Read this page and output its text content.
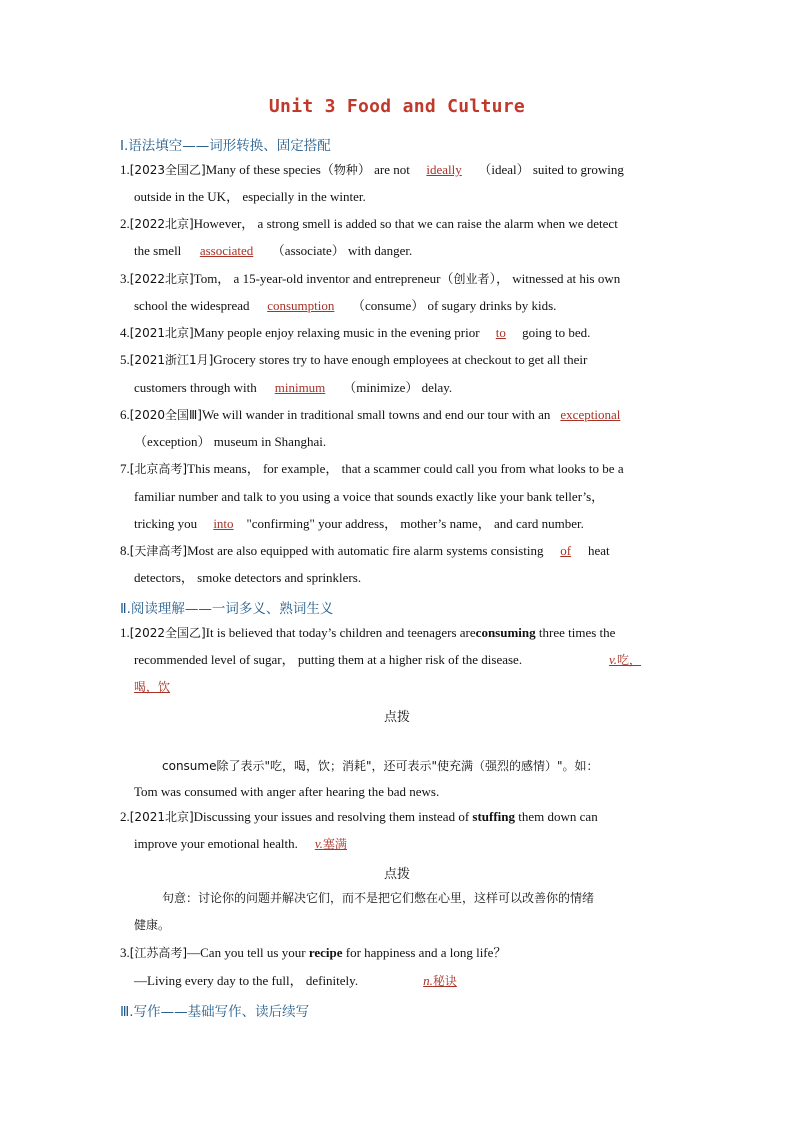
Unit 3 Food and Culture
Ⅰ.语法填空——词形转换、固定搭配
1.[2023全国乙]Many of these species（物种） are not ideally （ideal） suited to growing
outside in the UK， especially in the winter.
2.[2022北京]However， a strong smell is added so that we can raise the alarm when we detect
the smell associated （associate） with danger.
3.[2022北京]Tom， a 15-year-old inventor and entrepreneur（创业者）， witnessed at his own
school the widespread consumption （consume） of sugary drinks by kids.
4.[2021北京]Many people enjoy relaxing music in the evening prior to going to bed.
5.[2021浙江1月]Grocery stores try to have enough employees at checkout to get all their
customers through with minimum （minimize） delay.
6.[2020全国Ⅲ]We will wander in traditional small towns and end our tour with an exceptional
（exception） museum in Shanghai.
7.[北京高考]This means， for example， that a scammer could call you from what looks to be a
familiar number and talk to you using a voice that sounds exactly like your bank teller’s，
tricking you into "confirming" your address， mother’s name， and card number.
8.[天津高考]Most are also equipped with automatic fire alarm systems consisting of heat
detectors， smoke detectors and sprinklers.
Ⅱ.阅读理解——一词多义、熟词生义
1.[2022全国乙]It is believed that today’s children and teenagers areconsuming three times the
recommended level of sugar， putting them at a higher risk of the disease.	v.吃，
喝，饮
点拨
consume除了表示"吃，喝，饮；消耗"，还可表示"使充满（强烈的感情）"。如：
Tom was consumed with anger after hearing the bad news.
2.[2021北京]Discussing your issues and resolving them instead of stuffing them down can
improve your emotional health. v.塞满
点拨
句意：讨论你的问题并解决它们，而不是把它们憋在心里，这样可以改善你的情绪
健康。
3.[江苏高考]—Can you tell us your recipe for happiness and a long life？
—Living every day to the full， definitely.	n.秘诀
Ⅲ.写作——基础写作、读后续写
